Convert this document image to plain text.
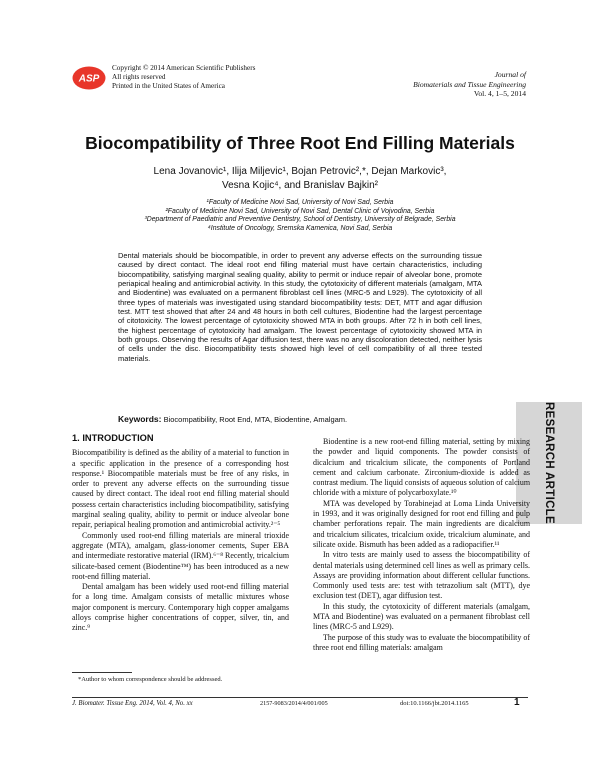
ASP
Copyright © 2014 American Scientific Publishers
All rights reserved
Printed in the United States of America
Journal of
Biomaterials and Tissue Engineering
Vol. 4, 1–5, 2014
Biocompatibility of Three Root End Filling Materials
Lena Jovanovic¹, Ilija Miljevic¹, Bojan Petrovic²,*, Dejan Markovic³,
Vesna Kojic⁴, and Branislav Bajkin²
¹Faculty of Medicine Novi Sad, University of Novi Sad, Serbia
²Faculty of Medicine Novi Sad, University of Novi Sad, Dental Clinic of Vojvodina, Serbia
³Department of Paediatric and Preventive Dentistry, School of Dentistry, University of Belgrade, Serbia
⁴Institute of Oncology, Sremska Kamenica, Novi Sad, Serbia
Dental materials should be biocompatible, in order to prevent any adverse effects on the surrounding tissue caused by direct contact. The ideal root end filling material must have certain characteristics, including biocompatibility, satisfying marginal sealing quality, ability to permit or induce repair of alveolar bone, promote periapical healing and antimicrobial activity. In this study, the cytotoxicity of different materials (amalgam, MTA and Biodentine) was evaluated on a permanent fibroblast cell lines (MRC-5 and L929). The cytotoxicity of all three types of materials was investigated using standard biocompatibility tests: DET, MTT and agar diffusion test. MTT test showed that after 24 and 48 hours in both cell cultures, Biodentine had the largest percentage of citotoxicity. The lowest percentage of cytotoxicity showed MTA in both groups. After 72 h in both cell lines, the highest percentage of cytotoxicity had amalgam. The lowest percentage of cytotoxicity showed MTA in both groups. Observing the results of Agar diffusion test, there was no any discoloration detected, neither lysis of cells under the disc. Biocompatibility tests showed high level of cell compatibility of all three tested materials.
Keywords: Biocompatibility, Root End, MTA, Biodentine, Amalgam.	RESEARCH ARTICLE
1. INTRODUCTION

Biocompatibility is defined as the ability of a material to function in a specific application in the presence of a corresponding host response.¹ Biocompatible materials must be free of any risks, in order to prevent any adverse effects on the surrounding tissue caused by direct contact. The ideal root end filling material should possess certain characteristics including biocompatibility, satisfying marginal sealing quality, ability to permit or induce alveolar bone repair, periapical healing promotion and antimicrobial activity.²⁻⁵

Commonly used root-end filling materials are mineral trioxide aggregate (MTA), amalgam, glass-ionomer cements, Super EBA and intermediate restorative material (IRM).⁶⁻⁸ Recently, tricalcium silicate-based cement (Biodentine™) has been introduced as a new root-end filling material.

Dental amalgam has been widely used root-end filling material for a long time. Amalgam consists of metallic mixtures whose major component is mercury. Contemporary high copper amalgams alloys comprise higher concentrations of copper, silver, tin, and zinc.⁹

Biodentine is a new root-end filling material, setting by mixing the powder and liquid components. The powder consists of dicalcium and tricalcium silicate, the components of Portland cement and calcium carbonate. Zirconium-dioxide is added as contrast medium. The liquid consists of aqueous solution of calcium chloride with a mixture of polycarboxylate.¹⁰

MTA was developed by Torabinejad at Loma Linda University in 1993, and it was originally designed for root end filling and pulp chamber perforations repair. The main ingredients are dicalcium and tricalcium silicates, tricalcium oxide, tricalcium aluminate, and silicate oxide. Bismuth has been added as a radiopacifier.¹¹

In vitro tests are mainly used to assess the biocompatibility of dental materials using determined cell lines as well as primary cells. Assays are providing information about different cellular functions. Commonly used tests are: test with tetrazolium salt (MTT), dye exclusion test (DET), agar diffusion test.

In this study, the cytotoxicity of different materials (amalgam, MTA and Biodentine) was evaluated on a permanent fibroblast cell lines (MRC-5 and L929).

The purpose of this study was to evaluate the biocompatibility of three root end filling materials: amalgam

*Author to whom correspondence should be addressed.
J. Biomater. Tissue Eng. 2014, Vol. 4, No. xx	2157-9083/2014/4/001/005	doi:10.1166/jbt.2014.1165	1
